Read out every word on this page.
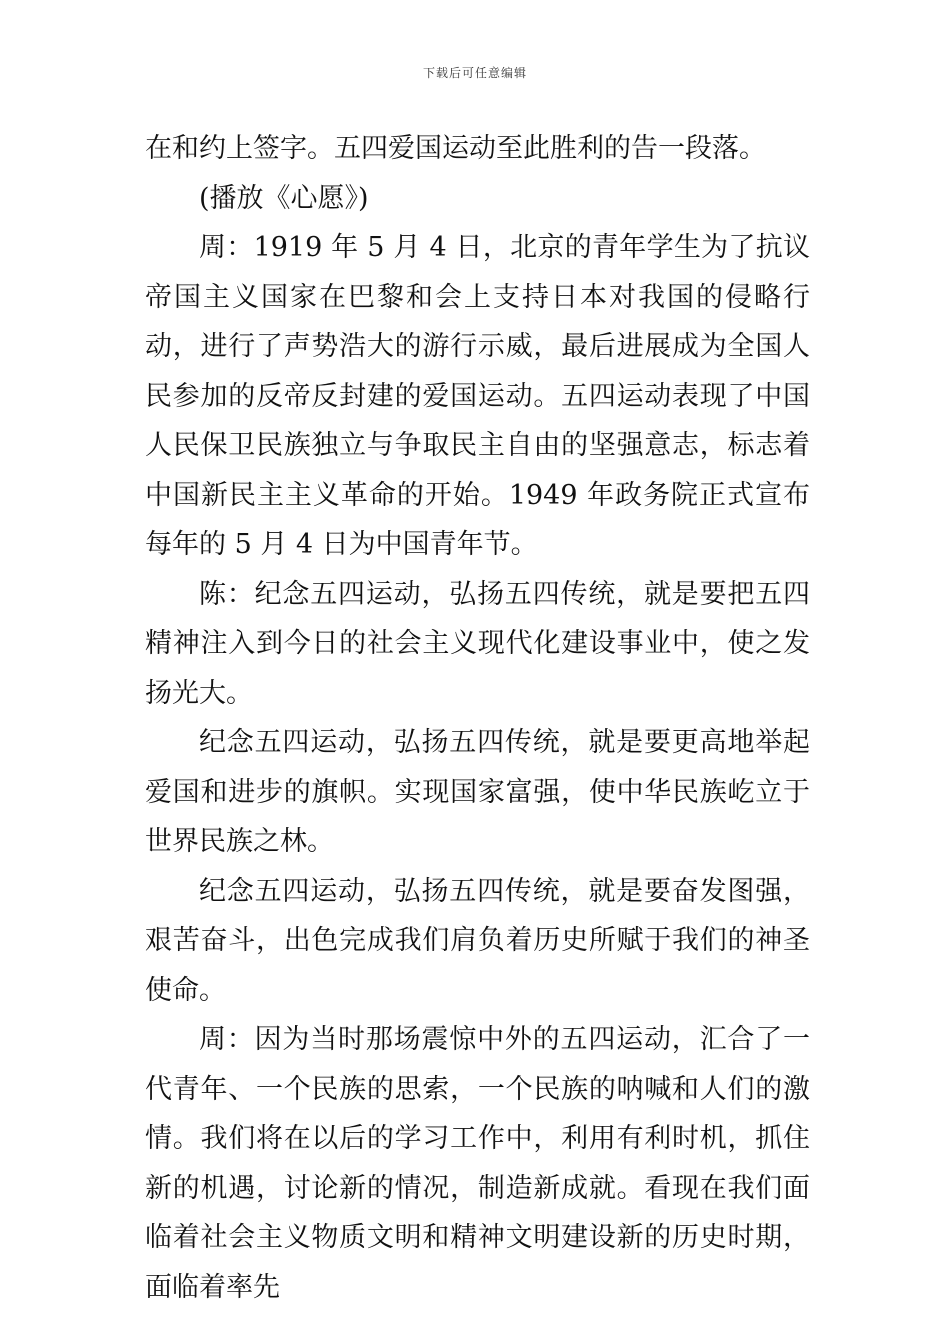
下载后可任意编辑

在和约上签字。五四爱国运动至此胜利的告一段落。

(播放《心愿》)

周：1919 年 5 月 4 日，北京的青年学生为了抗议帝国主义国家在巴黎和会上支持日本对我国的侵略行动，进行了声势浩大的游行示威，最后进展成为全国人民参加的反帝反封建的爱国运动。五四运动表现了中国人民保卫民族独立与争取民主自由的坚强意志，标志着中国新民主主义革命的开始。1949 年政务院正式宣布每年的 5 月 4 日为中国青年节。

陈：纪念五四运动，弘扬五四传统，就是要把五四精神注入到今日的社会主义现代化建设事业中，使之发扬光大。

纪念五四运动，弘扬五四传统，就是要更高地举起爱国和进步的旗帜。实现国家富强，使中华民族屹立于世界民族之林。

纪念五四运动，弘扬五四传统，就是要奋发图强，艰苦奋斗，出色完成我们肩负着历史所赋于我们的神圣使命。

周：因为当时那场震惊中外的五四运动，汇合了一代青年、一个民族的思索，一个民族的呐喊和人们的激情。我们将在以后的学习工作中，利用有利时机，抓住新的机遇，讨论新的情况，制造新成就。看现在我们面临着社会主义物质文明和精神文明建设新的历史时期，面临着率先
